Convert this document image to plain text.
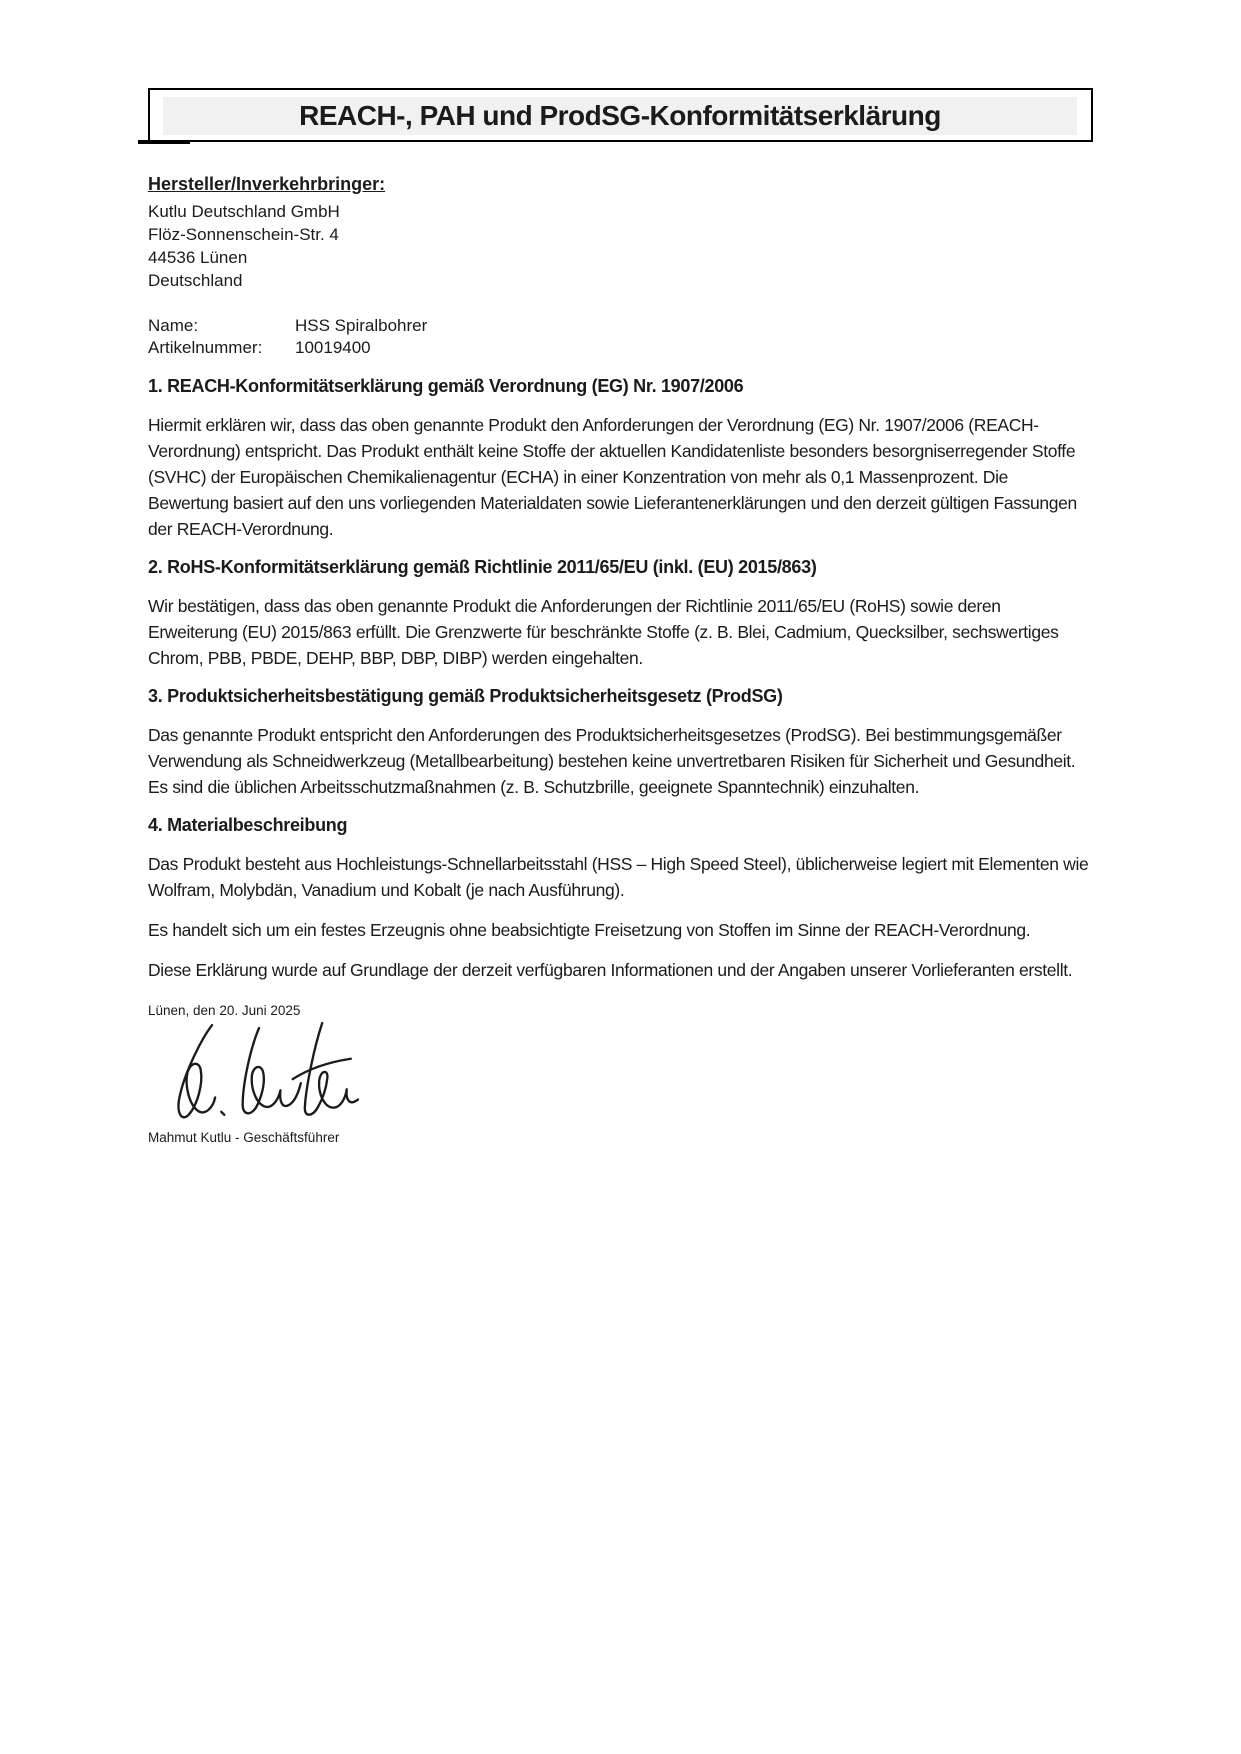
REACH-, PAH und ProdSG-Konformitätserklärung
Hersteller/Inverkehrbringer:
Kutlu Deutschland GmbH
Flöz-Sonnenschein-Str. 4
44536 Lünen
Deutschland
Name:	HSS Spiralbohrer
Artikelnummer:	10019400
1. REACH-Konformitätserklärung gemäß Verordnung (EG) Nr. 1907/2006

Hiermit erklären wir, dass das oben genannte Produkt den Anforderungen der Verordnung (EG) Nr. 1907/2006 (REACH-Verordnung) entspricht. Das Produkt enthält keine Stoffe der aktuellen Kandidatenliste besonders besorgniserregender Stoffe (SVHC) der Europäischen Chemikalienagentur (ECHA) in einer Konzentration von mehr als 0,1 Massenprozent. Die Bewertung basiert auf den uns vorliegenden Materialdaten sowie Lieferantenerklärungen und den derzeit gültigen Fassungen der REACH-Verordnung.

2. RoHS-Konformitätserklärung gemäß Richtlinie 2011/65/EU (inkl. (EU) 2015/863)

Wir bestätigen, dass das oben genannte Produkt die Anforderungen der Richtlinie 2011/65/EU (RoHS) sowie deren Erweiterung (EU) 2015/863 erfüllt. Die Grenzwerte für beschränkte Stoffe (z. B. Blei, Cadmium, Quecksilber, sechswertiges Chrom, PBB, PBDE, DEHP, BBP, DBP, DIBP) werden eingehalten.

3. Produktsicherheitsbestätigung gemäß Produktsicherheitsgesetz (ProdSG)

Das genannte Produkt entspricht den Anforderungen des Produktsicherheitsgesetzes (ProdSG). Bei bestimmungsgemäßer Verwendung als Schneidwerkzeug (Metallbearbeitung) bestehen keine unvertretbaren Risiken für Sicherheit und Gesundheit. Es sind die üblichen Arbeitsschutzmaßnahmen (z. B. Schutzbrille, geeignete Spanntechnik) einzuhalten.

4. Materialbeschreibung

Das Produkt besteht aus Hochleistungs-Schnellarbeitsstahl (HSS – High Speed Steel), üblicherweise legiert mit Elementen wie Wolfram, Molybdän, Vanadium und Kobalt (je nach Ausführung).

Es handelt sich um ein festes Erzeugnis ohne beabsichtigte Freisetzung von Stoffen im Sinne der REACH-Verordnung.

Diese Erklärung wurde auf Grundlage der derzeit verfügbaren Informationen und der Angaben unserer Vorlieferanten erstellt.

Lünen, den 20. Juni 2025
Mahmut Kutlu - Geschäftsführer
